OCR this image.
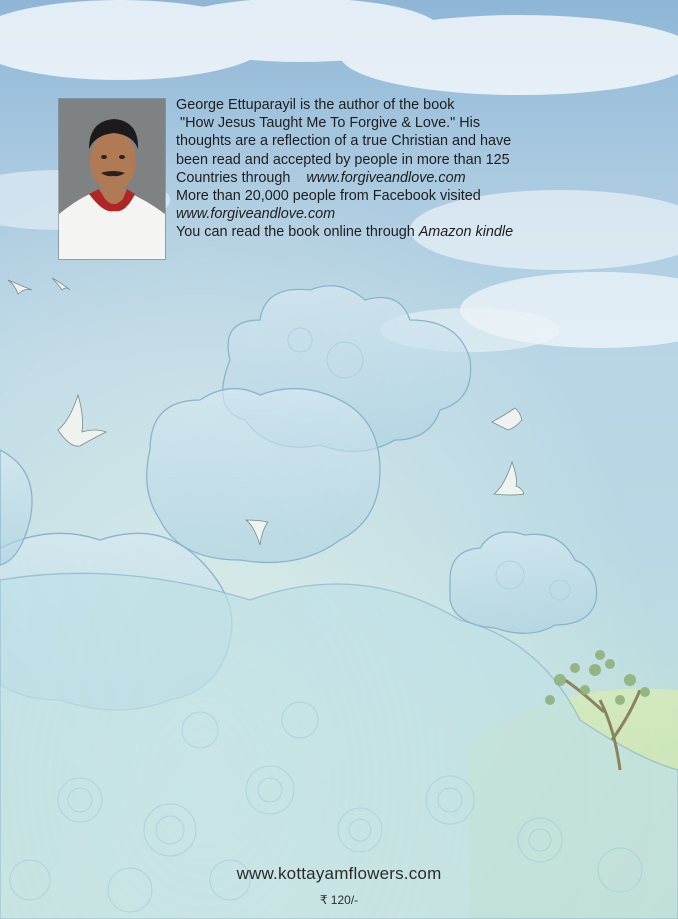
George Ettuparayil is the author of the book

"How Jesus Taught Me To Forgive & Love." His

thoughts are a reflection of a true Christian and have

been read and accepted by people in more than 125

Countries through www.forgiveandlove.com

More than 20,000 people from Facebook visited

www.forgiveandlove.com

You can read the book online through Amazon kindle

www.kottayamflowers.com
₹ 120/-
